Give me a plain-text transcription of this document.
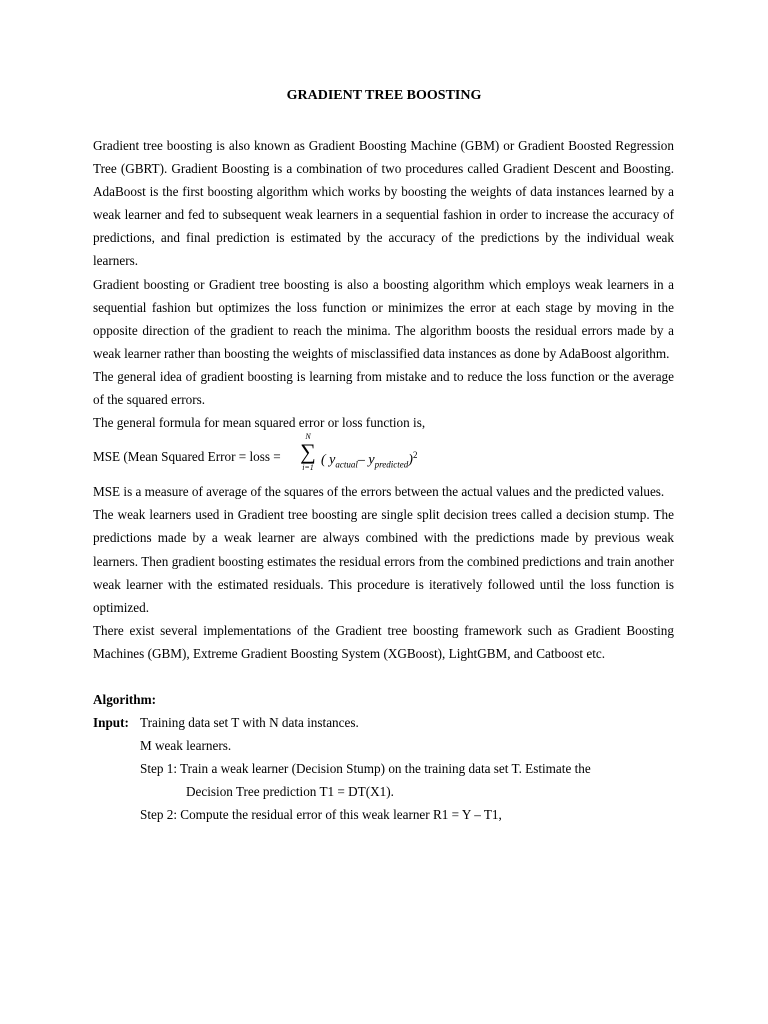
GRADIENT TREE BOOSTING

Gradient tree boosting is also known as Gradient Boosting Machine (GBM) or Gradient Boosted Regression Tree (GBRT). Gradient Boosting is a combination of two procedures called Gradient Descent and Boosting. AdaBoost is the first boosting algorithm which works by boosting the weights of data instances learned by a weak learner and fed to subsequent weak learners in a sequential fashion in order to increase the accuracy of predictions, and final prediction is estimated by the accuracy of the predictions by the individual weak learners.

Gradient boosting or Gradient tree boosting is also a boosting algorithm which employs weak learners in a sequential fashion but optimizes the loss function or minimizes the error at each stage by moving in the opposite direction of the gradient to reach the minima. The algorithm boosts the residual errors made by a weak learner rather than boosting the weights of misclassified data instances as done by AdaBoost algorithm.

The general idea of gradient boosting is learning from mistake and to reduce the loss function or the average of the squared errors.

The general formula for mean squared error or loss function is,

MSE (Mean Squared Error = loss =
N
∑
i=1 ( $y_{actual}-$ $y_{predicted})^2$

MSE is a measure of average of the squares of the errors between the actual values and the predicted values.

The weak learners used in Gradient tree boosting are single split decision trees called a decision stump. The predictions made by a weak learner are always combined with the predictions made by previous weak learners. Then gradient boosting estimates the residual errors from the combined predictions and train another weak learner with the estimated residuals. This procedure is iteratively followed until the loss function is optimized.

There exist several implementations of the Gradient tree boosting framework such as Gradient Boosting Machines (GBM), Extreme Gradient Boosting System (XGBoost), LightGBM, and Catboost etc.

Algorithm:
Input: Training data set T with N data instances.
M weak learners.
Step 1: Train a weak learner (Decision Stump) on the training data set T. Estimate the
Decision Tree prediction T1 = DT(X1).
Step 2: Compute the residual error of this weak learner R1 = Y – T1,
